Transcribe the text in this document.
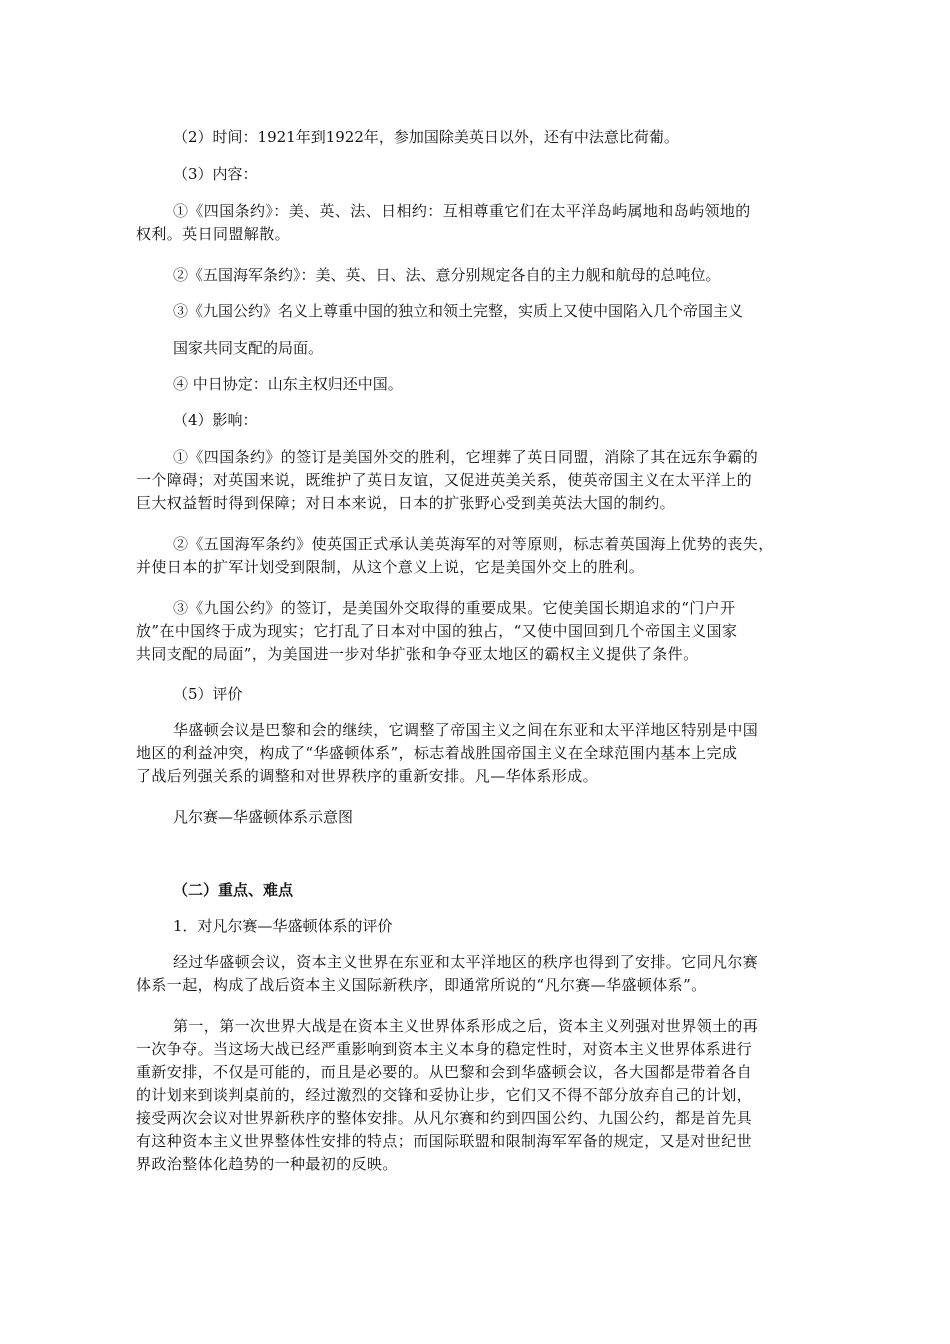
（2）时间：1921年到1922年，参加国除美英日以外，还有中法意比荷葡。
（3）内容：
①《四国条约》：美、英、法、日相约：互相尊重它们在太平洋岛屿属地和岛屿领地的
权利。英日同盟解散。
②《五国海军条约》：美、英、日、法、意分别规定各自的主力舰和航母的总吨位。
③《九国公约》名义上尊重中国的独立和领土完整，实质上又使中国陷入几个帝国主义
国家共同支配的局面。
④ 中日协定：山东主权归还中国。
（4）影响：
①《四国条约》的签订是美国外交的胜利，它埋葬了英日同盟，消除了其在远东争霸的
一个障碍；对英国来说，既维护了英日友谊，又促进英美关系，使英帝国主义在太平洋上的
巨大权益暂时得到保障；对日本来说，日本的扩张野心受到美英法大国的制约。
②《五国海军条约》使英国正式承认美英海军的对等原则，标志着英国海上优势的丧失，
并使日本的扩军计划受到限制，从这个意义上说，它是美国外交上的胜利。
③《九国公约》的签订，是美国外交取得的重要成果。它使美国长期追求的“门户开
放”在中国终于成为现实；它打乱了日本对中国的独占，“又使中国回到几个帝国主义国家
共同支配的局面”，为美国进一步对华扩张和争夺亚太地区的霸权主义提供了条件。
（5）评价
华盛顿会议是巴黎和会的继续，它调整了帝国主义之间在东亚和太平洋地区特别是中国
地区的利益冲突，构成了“华盛顿体系”，标志着战胜国帝国主义在全球范围内基本上完成
了战后列强关系的调整和对世界秩序的重新安排。凡—华体系形成。
凡尔赛—华盛顿体系示意图
（二）重点、难点
1．对凡尔赛—华盛顿体系的评价
经过华盛顿会议，资本主义世界在东亚和太平洋地区的秩序也得到了安排。它同凡尔赛
体系一起，构成了战后资本主义国际新秩序，即通常所说的“凡尔赛—华盛顿体系”。
第一，第一次世界大战是在资本主义世界体系形成之后，资本主义列强对世界领土的再
一次争夺。当这场大战已经严重影响到资本主义本身的稳定性时，对资本主义世界体系进行
重新安排，不仅是可能的，而且是必要的。从巴黎和会到华盛顿会议，各大国都是带着各自
的计划来到谈判桌前的，经过激烈的交锋和妥协让步，它们又不得不部分放弃自己的计划，
接受两次会议对世界新秩序的整体安排。从凡尔赛和约到四国公约、九国公约，都是首先具
有这种资本主义世界整体性安排的特点；而国际联盟和限制海军军备的规定，又是对世纪世
界政治整体化趋势的一种最初的反映。
